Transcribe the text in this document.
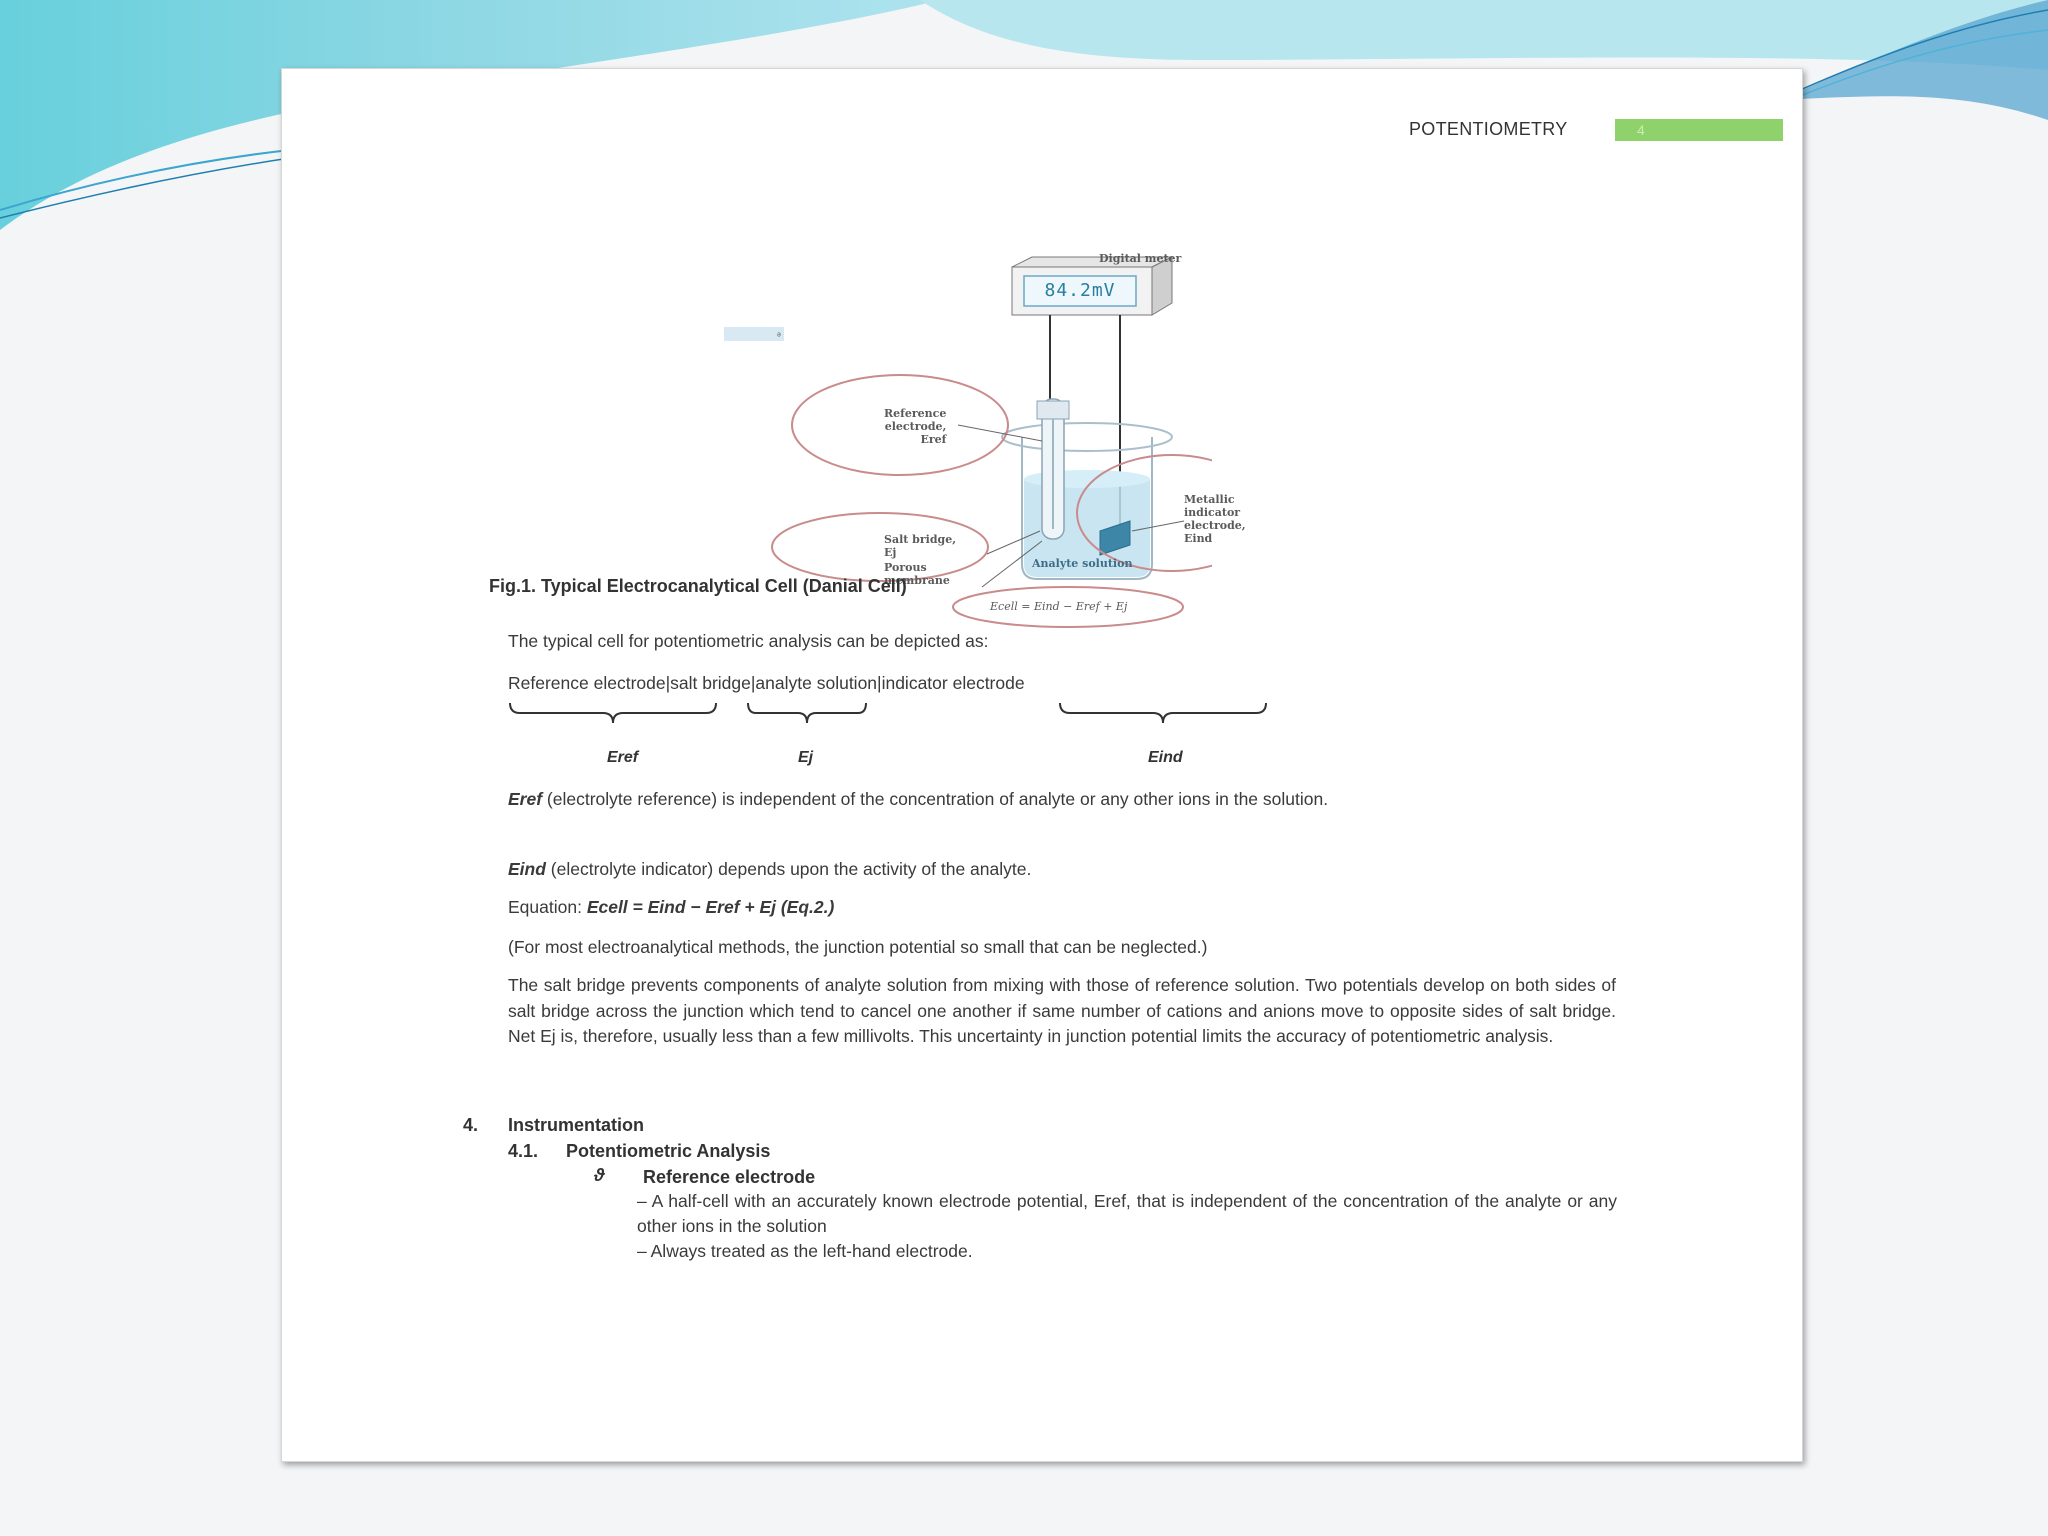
POTENTIOMETRY	4
ᵊ
Digital meter
84.2mV
Reference
electrode,
Eref
Metallic
indicator
electrode, Eind
Salt bridge,
Ej
Porous
membrane
Analyte solution
Ecell = Eind − Eref + Ej
Fig.1. Typical Electrocanalytical Cell (Danial Cell)
The typical cell for potentiometric analysis can be depicted as:
Reference electrode|salt bridge|analyte solution|indicator electrode
Eref	Ej	Eind
Eref (electrolyte reference) is independent of the concentration of analyte or any other ions in the solution.
Eind (electrolyte indicator) depends upon the activity of the analyte.
Equation: Ecell = Eind − Eref + Ej (Eq.2.)
(For most electroanalytical methods, the junction potential so small that can be neglected.)
The salt bridge prevents components of analyte solution from mixing with those of reference solution. Two potentials develop on both sides of salt bridge across the junction which tend to cancel one another if same number of cations and anions move to opposite sides of salt bridge. Net Ej is, therefore, usually less than a few millivolts. This uncertainty in junction potential limits the accuracy of potentiometric analysis.
4. Instrumentation
4.1. Potentiometric Analysis
ϑ Reference electrode
– A half-cell with an accurately known electrode potential, Eref, that is independent of the concentration of the analyte or any other ions in the solution
– Always treated as the left-hand electrode.
